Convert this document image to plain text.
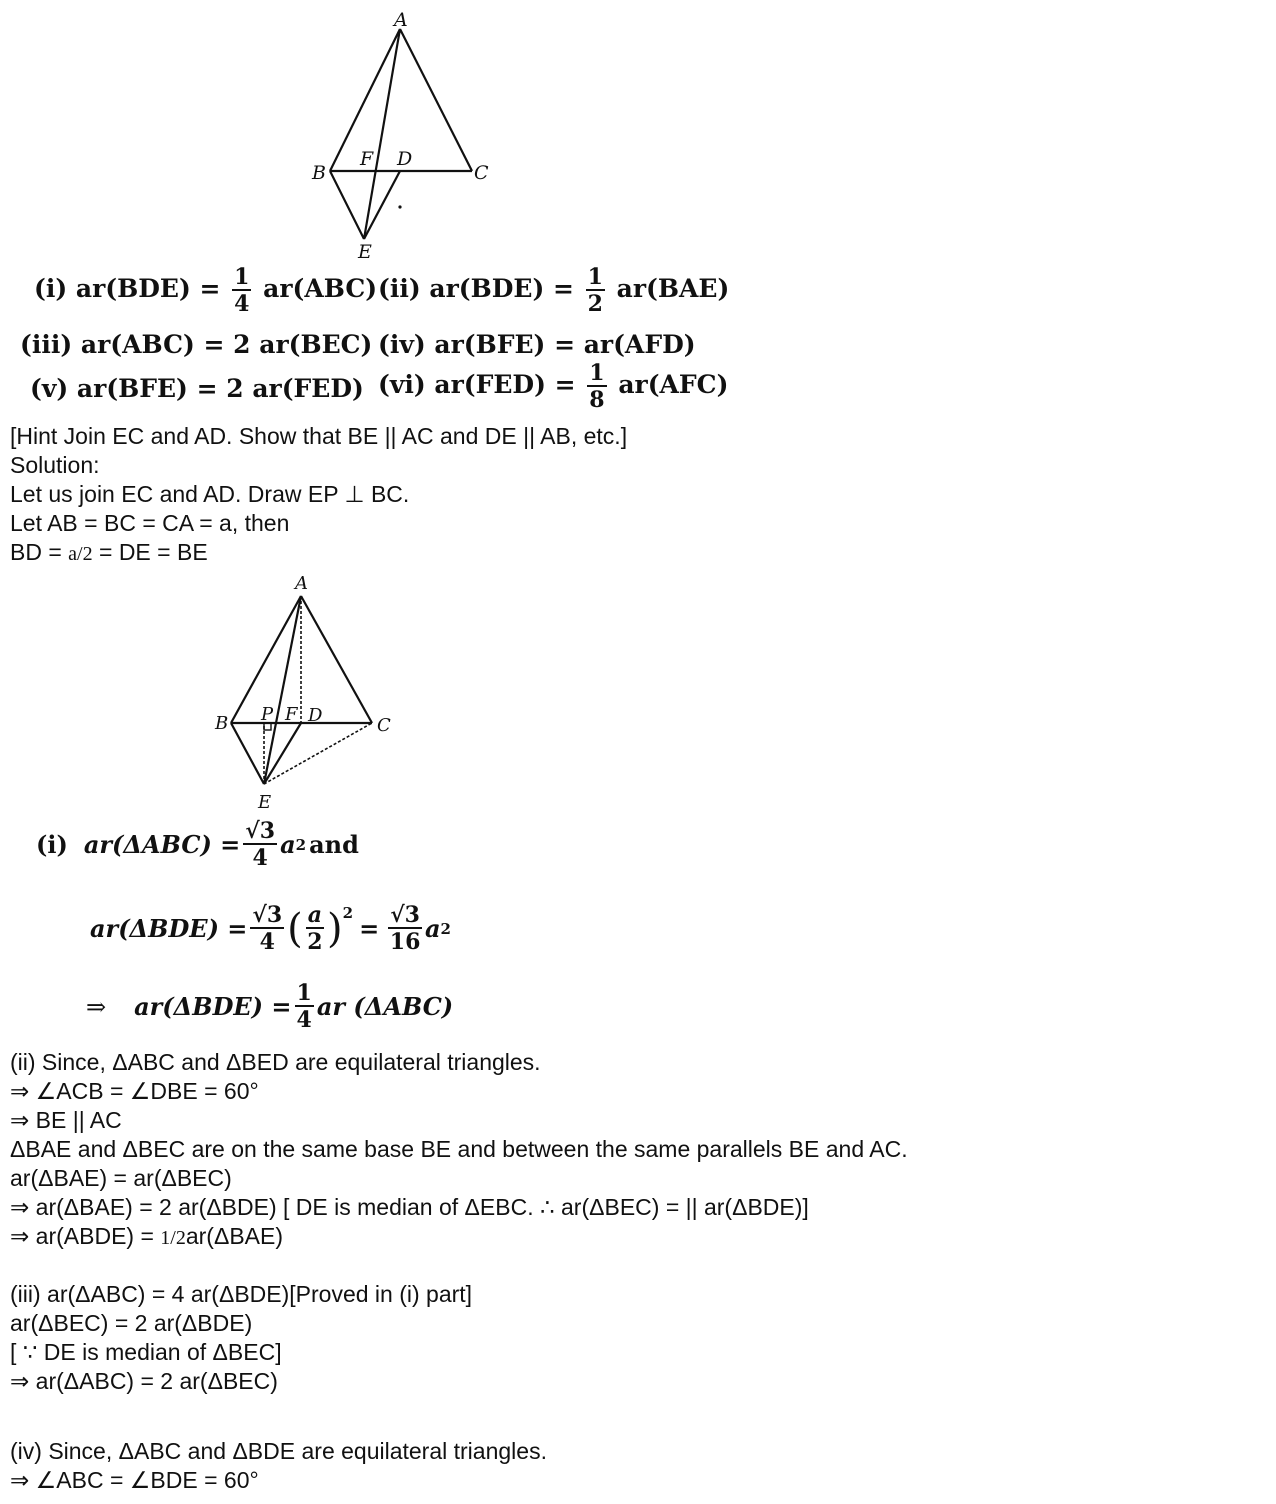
A
B	C
D
E
F
(i) $ar(BDE) = \frac{1}{4} ar(ABC)$ (ii) $ar(BDE) = \frac{1}{2} ar(BAE)$
(iii) ar(ABC) = 2 ar(BEC) (iv) ar(BFE) = ar(AFD)
(v) ar(BFE) = 2 ar(FED) (vi) $ar(FED) = \frac{1}{8} ar(AFC)$
[Hint Join EC and AD. Show that BE || AC and DE || AB, etc.]
Solution:
Let us join EC and AD. Draw EP ⊥ BC.
Let AB = BC = CA = a, then
BD = a/2 = DE = BE
A
B	C
D
E
F
P
(i) $ar(\Delta ABC) = \frac{√3}{4}$ a 2 and
$ar(\Delta BDE) = \frac{√3}{4}$ ( $\frac{a}{2} )^2$
= $\frac{√3}{16}$ a 2
⇒ $ar(\Delta BDE) = \frac{1}{4}$ ar (ΔABC)
(ii) Since, ΔABC and ΔBED are equilateral triangles.
⇒ ∠ACB = ∠DBE = 60°
⇒ BE || AC
ΔBAE and ΔBEC are on the same base BE and between the same parallels BE and AC.
ar(ΔBAE) = ar(ΔBEC)
⇒ ar(ΔBAE) = 2 ar(ΔBDE) [ DE is median of ΔEBC. ∴ ar(ΔBEC) = || ar(ΔBDE)]
⇒ ar(ABDE) = 1/2ar(ΔBAE)
(iii) ar(ΔABC) = 4 ar(ΔBDE)[Proved in (i) part]
ar(ΔBEC) = 2 ar(ΔBDE)
[ ∵ DE is median of ΔBEC]
⇒ ar(ΔABC) = 2 ar(ΔBEC)
(iv) Since, ΔABC and ΔBDE are equilateral triangles.
⇒ ∠ABC = ∠BDE = 60°
